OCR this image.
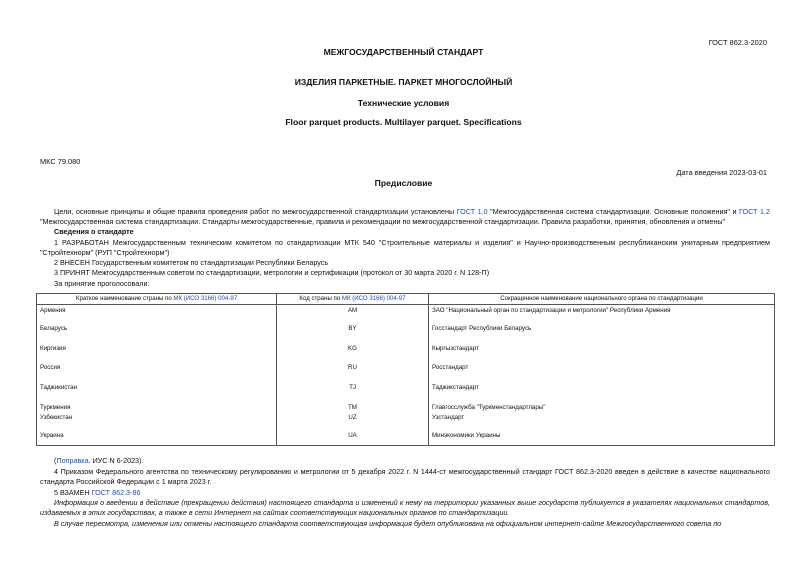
ГОСТ 862.3-2020
МЕЖГОСУДАРСТВЕННЫЙ СТАНДАРТ
ИЗДЕЛИЯ ПАРКЕТНЫЕ. ПАРКЕТ МНОГОСЛОЙНЫЙ
Технические условия
Floor parquet products. Multilayer parquet. Specifications
МКС 79.080
Дата введения 2023-03-01
Предисловие
Цели, основные принципы и общие правила проведения работ по межгосударственной стандартизации установлены ГОСТ 1.0 "Межгосударственная система стандартизации. Основные положения" и ГОСТ 1.2 "Межгосударственная система стандартизации. Стандарты межгосударственные, правила и рекомендации по межгосударственной стандартизации. Правила разработки, принятия, обновления и отмены"
Сведения о стандарте
1 РАЗРАБОТАН Межгосударственным техническим комитетом по стандартизации МТК 540 "Строительные материалы и изделия" и Научно-производственным республиканским унитарным предприятием "Стройтехнорм" (РУП "Стройтехнорм")
2 ВНЕСЕН Государственным комитетом по стандартизации Республики Беларусь
3 ПРИНЯТ Межгосударственным советом по стандартизации, метрологии и сертификации (протокол от 30 марта 2020 г. N 128-П)
За принятие проголосовали:
Краткое наименование страны по МК (ИСО 3166) 004-97	Код страны по МК (ИСО 3166) 004-97	Сокращенное наименование национального органа по стандартизации
Армения	AM	ЗАО "Национальный орган по стандартизации и метрологии" Республики Армения
Беларусь	BY	Госстандарт Республики Беларусь
Киргизия	KG	Кыргызстандарт
Россия	RU	Росстандарт
Таджикистан	TJ	Таджикстандарт
Туркмения	TM	Главгосслужба "Туркменстандартлары"
Узбекистан	UZ	Узстандарт
Украина	UA	Минэкономики Украины
(Поправка. ИУС N 6-2023).
4 Приказом Федерального агентства по техническому регулированию и метрологии от 5 декабря 2022 г. N 1444-ст межгосударственный стандарт ГОСТ 862.3-2020 введен в действие в качестве национального стандарта Российской Федерации с 1 марта 2023 г.
5 ВЗАМЕН ГОСТ 862.3-86
Информация о введении в действие (прекращении действия) настоящего стандарта и изменений к нему на территории указанных выше государств публикуется в указателях национальных стандартов, издаваемых в этих государствах, а также в сети Интернет на сайтах соответствующих национальных органов по стандартизации.
В случае пересмотра, изменения или отмены настоящего стандарта соответствующая информация будет опубликована на официальном интернет-сайте Межгосударственного совета по
